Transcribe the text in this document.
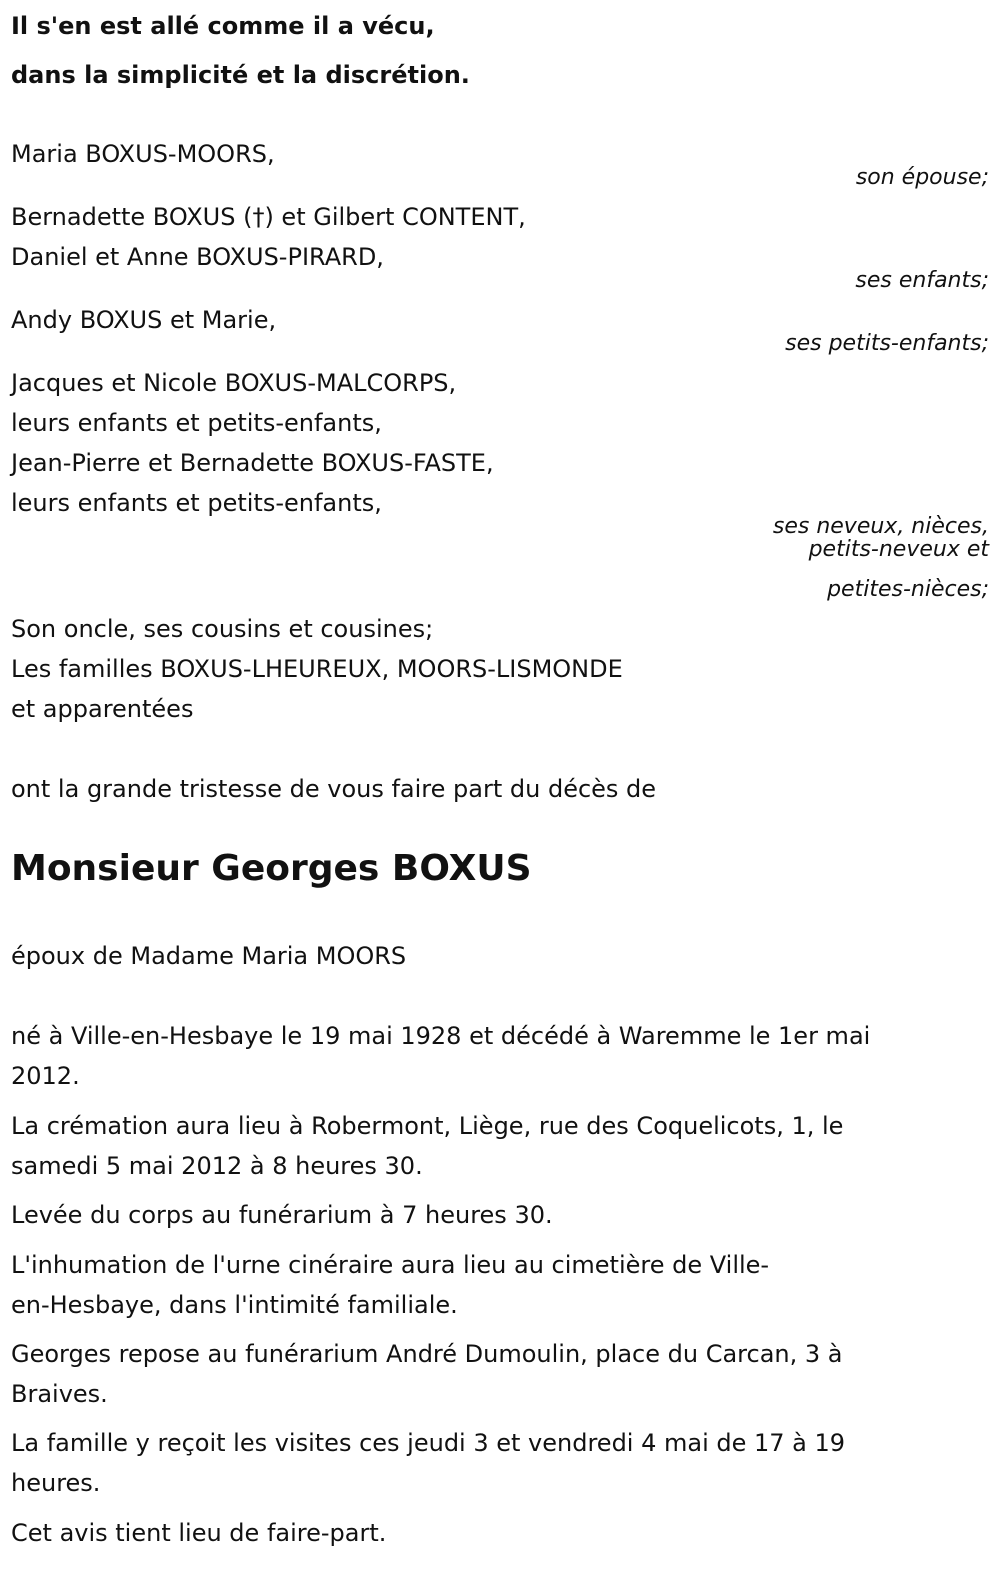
Il s'en est allé comme il a vécu,

dans la simplicité et la discrétion.

Maria BOXUS-MOORS,

son épouse;

Bernadette BOXUS (†) et Gilbert CONTENT,

Daniel et Anne BOXUS-PIRARD,

ses enfants;

Andy BOXUS et Marie,

ses petits-enfants;

Jacques et Nicole BOXUS-MALCORPS,

leurs enfants et petits-enfants,

Jean-Pierre et Bernadette BOXUS-FASTE,

leurs enfants et petits-enfants,

ses neveux, nièces,

petits-neveux et

petites-nièces;

Son oncle, ses cousins et cousines;

Les familles BOXUS-LHEUREUX, MOORS-LISMONDE

et apparentées

ont la grande tristesse de vous faire part du décès de

Monsieur Georges BOXUS

époux de Madame Maria MOORS

né à Ville-en-Hesbaye le 19 mai 1928 et décédé à Waremme le 1er mai

2012.

La crémation aura lieu à Robermont, Liège, rue des Coquelicots, 1, le

samedi 5 mai 2012 à 8 heures 30.

Levée du corps au funérarium à 7 heures 30.

L'inhumation de l'urne cinéraire aura lieu au cimetière de Ville-

en-Hesbaye, dans l'intimité familiale.

Georges repose au funérarium André Dumoulin, place du Carcan, 3 à

Braives.

La famille y reçoit les visites ces jeudi 3 et vendredi 4 mai de 17 à 19

heures.

Cet avis tient lieu de faire-part.
